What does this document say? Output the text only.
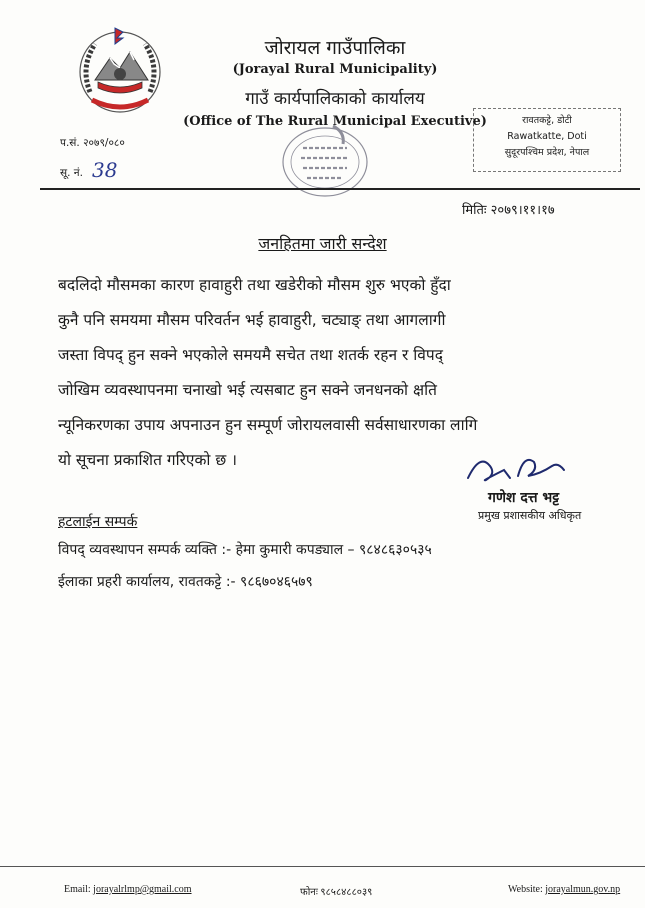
जोरायल गाउँपालिका
(Jorayal Rural Municipality)
गाउँ कार्यपालिकाको कार्यालय
(Office of The Rural Municipal Executive)	रावतकट्टे, डोटी
Rawatkatte, Doti
सुदूरपश्चिम प्रदेश, नेपाल
प.सं. २०७९/०८०
सू. नं. 38
मितिः २०७९।११।१७
जनहितमा जारी सन्देश
बदलिदो मौसमका कारण हावाहुरी तथा खडेरीको मौसम शुरु भएको हुँदा
कुनै पनि समयमा मौसम परिवर्तन भई हावाहुरी, चट्याङ् तथा आगलागी
जस्ता विपद् हुन सक्ने भएकोले समयमै सचेत तथा शतर्क रहन र विपद्
जोखिम व्यवस्थापनमा चनाखो भई त्यसबाट हुन सक्ने जनधनको क्षति
न्यूनिकरणका उपाय अपनाउन हुन सम्पूर्ण जोरायलवासी सर्वसाधारणका लागि
यो सूचना प्रकाशित गरिएको छ ।
गणेश दत्त भट्ट
प्रमुख प्रशासकीय अधिकृत
हटलाईन सम्पर्क
विपद् व्यवस्थापन सम्पर्क व्यक्ति :- हेमा कुमारी कपड्याल – ९८४८६३०५३५
ईलाका प्रहरी कार्यालय, रावतकट्टे :- ९८६७०४६५७९
Email: jorayalrlmp@gmail.com	फोनः ९८५८४८८०३९	Website: jorayalmun.gov.np
